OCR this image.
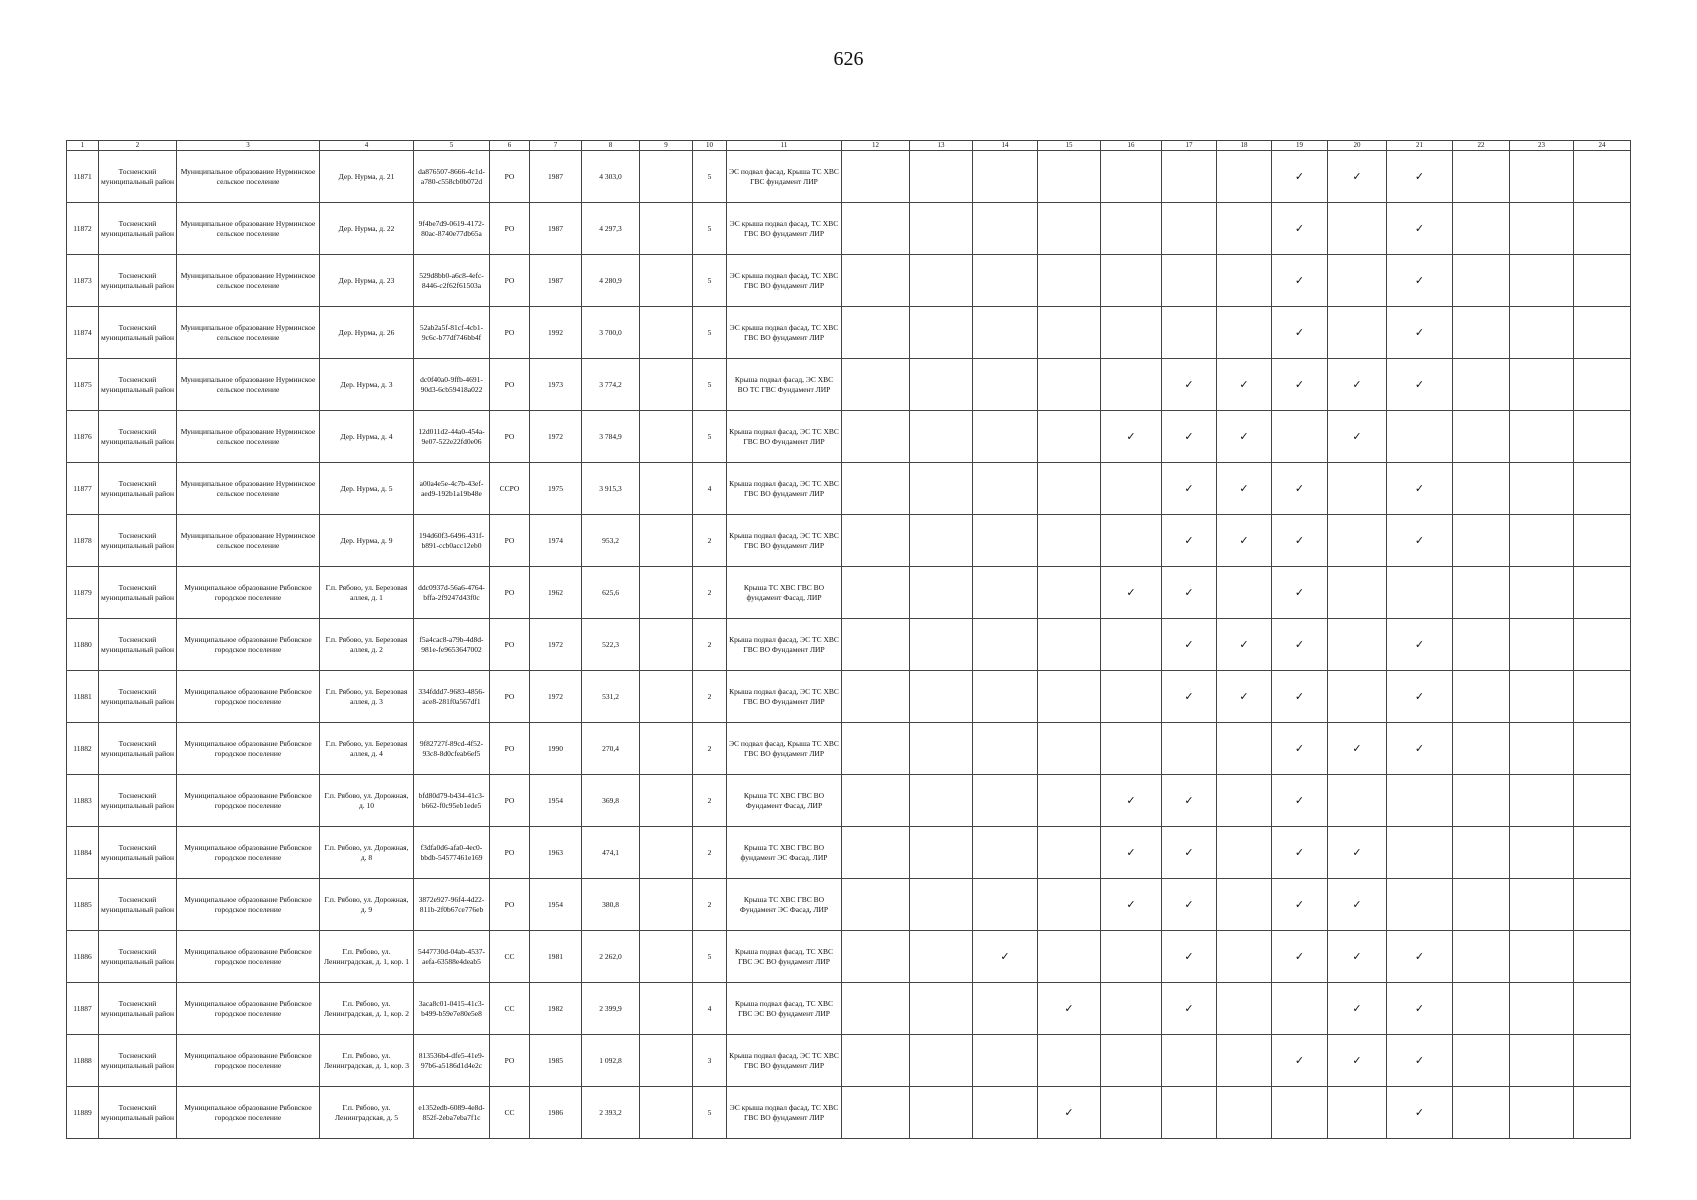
626
1	2	3	4	5	6	7	8	9	10	11	12	13	14	15	16	17	18	19	20	21	22	23	24
11871	Тосненский муниципальный район	Муниципальное образование Нурминское сельское поселение	Дер. Нурма, д. 21	da876507-8666-4c1d-a780-c558cb0b072d	РО	1987	4 303,0		5	ЭС подвал фасад, Крыша ТС ХВС ГВС фундамент ЛИР								✓	✓	✓			
11872	Тосненский муниципальный район	Муниципальное образование Нурминское сельское поселение	Дер. Нурма, д. 22	9f4be7d9-0619-4172-80ac-8740e77db65a	РО	1987	4 297,3		5	ЭС крыша подвал фасад, ТС ХВС ГВС ВО фундамент ЛИР								✓		✓			
11873	Тосненский муниципальный район	Муниципальное образование Нурминское сельское поселение	Дер. Нурма, д. 23	529d8bb0-a6c8-4efc-8446-c2f62f61503a	РО	1987	4 280,9		5	ЭС крыша подвал фасад, ТС ХВС ГВС ВО фундамент ЛИР								✓		✓			
11874	Тосненский муниципальный район	Муниципальное образование Нурминское сельское поселение	Дер. Нурма, д. 26	52ab2a5f-81cf-4cb1-9c6c-b77df746bb4f	РО	1992	3 700,0		5	ЭС крыша подвал фасад, ТС ХВС ГВС ВО фундамент ЛИР								✓		✓			
11875	Тосненский муниципальный район	Муниципальное образование Нурминское сельское поселение	Дер. Нурма, д. 3	dc0f40a0-9ffb-4691-90d3-6cb59418a022	РО	1973	3 774,2		5	Крыша подвал фасад, ЭС ХВС ВО ТС ГВС Фундамент ЛИР						✓	✓	✓	✓	✓			
11876	Тосненский муниципальный район	Муниципальное образование Нурминское сельское поселение	Дер. Нурма, д. 4	12d011d2-44a0-454a-9e07-522e22fd0e06	РО	1972	3 784,9		5	Крыша подвал фасад, ЭС ТС ХВС ГВС ВО Фундамент ЛИР					✓	✓	✓		✓				
11877	Тосненский муниципальный район	Муниципальное образование Нурминское сельское поселение	Дер. Нурма, д. 5	a00a4e5e-4c7b-43ef-aed9-192b1a19b48e	ССРО	1975	3 915,3		4	Крыша подвал фасад, ЭС ТС ХВС ГВС ВО фундамент ЛИР						✓	✓	✓		✓			
11878	Тосненский муниципальный район	Муниципальное образование Нурминское сельское поселение	Дер. Нурма, д. 9	194d60f3-6496-431f-b891-ccb0acc12eb0	РО	1974	953,2		2	Крыша подвал фасад, ЭС ТС ХВС ГВС ВО фундамент ЛИР						✓	✓	✓		✓			
11879	Тосненский муниципальный район	Муниципальное образование Рябовское городское поселение	Г.п. Рябово, ул. Березовая аллея, д. 1	ddc0937d-56a6-4764-bffa-2f9247d43f0c	РО	1962	625,6		2	Крыша ТС ХВС ГВС ВО фундамент Фасад, ЛИР					✓	✓		✓					
11880	Тосненский муниципальный район	Муниципальное образование Рябовское городское поселение	Г.п. Рябово, ул. Березовая аллея, д. 2	f5a4cac8-a79b-4d8d-981e-fe9653647002	РО	1972	522,3		2	Крыша подвал фасад, ЭС ТС ХВС ГВС ВО Фундамент ЛИР						✓	✓	✓		✓			
11881	Тосненский муниципальный район	Муниципальное образование Рябовское городское поселение	Г.п. Рябово, ул. Березовая аллея, д. 3	334fddd7-9683-4856-ace8-281f0a567df1	РО	1972	531,2		2	Крыша подвал фасад, ЭС ТС ХВС ГВС ВО Фундамент ЛИР						✓	✓	✓		✓			
11882	Тосненский муниципальный район	Муниципальное образование Рябовское городское поселение	Г.п. Рябово, ул. Березовая аллея, д. 4	9f82727f-89cd-4f52-93c8-8d0cfeab6ef5	РО	1990	270,4		2	ЭС подвал фасад, Крыша ТС ХВС ГВС ВО фундамент ЛИР								✓	✓	✓			
11883	Тосненский муниципальный район	Муниципальное образование Рябовское городское поселение	Г.п. Рябово, ул. Дорожная, д. 10	bfd80d79-b434-41c3-b662-f0c95eb1ede5	РО	1954	369,8		2	Крыша ТС ХВС ГВС ВО Фундамент Фасад, ЛИР					✓	✓		✓					
11884	Тосненский муниципальный район	Муниципальное образование Рябовское городское поселение	Г.п. Рябово, ул. Дорожная, д. 8	f3dfa0d6-afa0-4ec0-bbdb-54577461e169	РО	1963	474,1		2	Крыша ТС ХВС ГВС ВО фундамент ЭС Фасад, ЛИР					✓	✓		✓	✓				
11885	Тосненский муниципальный район	Муниципальное образование Рябовское городское поселение	Г.п. Рябово, ул. Дорожная, д. 9	3872e927-96f4-4d22-811b-2f0b67ce776eb	РО	1954	380,8		2	Крыша ТС ХВС ГВС ВО Фундамент ЭС Фасад, ЛИР					✓	✓		✓	✓				
11886	Тосненский муниципальный район	Муниципальное образование Рябовское городское поселение	Г.п. Рябово, ул. Ленинградская, д. 1, кор. 1	5447730d-04ab-4537-aefa-63588e4deab5	СС	1981	2 262,0		5	Крыша подвал фасад, ТС ХВС ГВС ЭС ВО фундамент ЛИР			✓			✓		✓	✓	✓			
11887	Тосненский муниципальный район	Муниципальное образование Рябовское городское поселение	Г.п. Рябово, ул. Ленинградская, д. 1, кор. 2	3aca8c01-0415-41c3-b499-b59e7e80e5e8	СС	1982	2 399,9		4	Крыша подвал фасад, ТС ХВС ГВС ЭС ВО фундамент ЛИР				✓		✓			✓	✓			
11888	Тосненский муниципальный район	Муниципальное образование Рябовское городское поселение	Г.п. Рябово, ул. Ленинградская, д. 1, кор. 3	813536b4-dfe5-41e9-97b6-a5186d1d4e2c	РО	1985	1 092,8		3	Крыша подвал фасад, ЭС ТС ХВС ГВС ВО фундамент ЛИР								✓	✓	✓			
11889	Тосненский муниципальный район	Муниципальное образование Рябовское городское поселение	Г.п. Рябово, ул. Ленинградская, д. 5	e1352edb-6089-4e8d-852f-2eba7eba7f1c	СС	1986	2 393,2		5	ЭС крыша подвал фасад, ТС ХВС ГВС ВО фундамент ЛИР				✓						✓			
